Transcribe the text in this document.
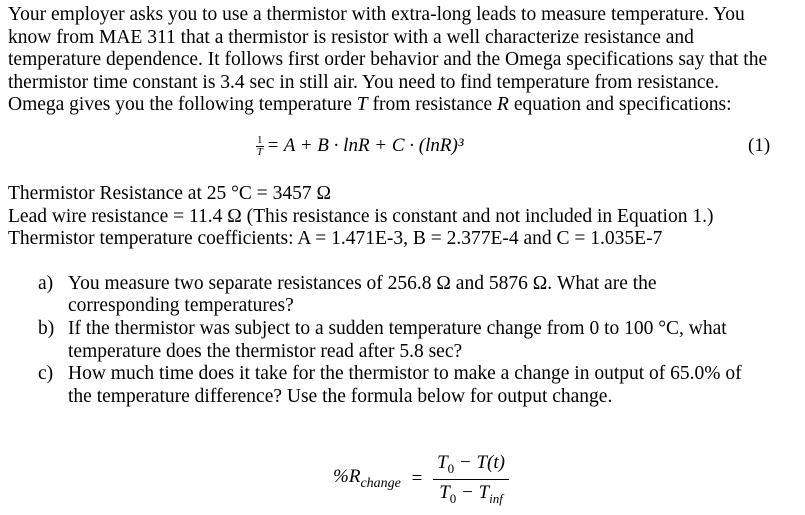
Your employer asks you to use a thermistor with extra-long leads to measure temperature. You
know from MAE 311 that a thermistor is resistor with a well characterize resistance and
temperature dependence. It follows first order behavior and the Omega specifications say that the
thermistor time constant is 3.4 sec in still air. You need to find temperature from resistance.
Omega gives you the following temperature T from resistance R equation and specifications:
$\frac{1}{T} = A + B \cdot \ln R + C \cdot (\ln R)^3$	(1)
Thermistor Resistance at 25 °C = 3457 Ω
Lead wire resistance = 11.4 Ω (This resistance is constant and not included in Equation 1.)
Thermistor temperature coefficients: A = 1.471E-3, B = 2.377E-4 and C = 1.035E-7
a) You measure two separate resistances of 256.8 Ω and 5876 Ω. What are the
corresponding temperatures?
b) If the thermistor was subject to a sudden temperature change from 0 to 100 °C, what
temperature does the thermistor read after 5.8 sec?
c) How much time does it take for the thermistor to make a change in output of 65.0% of
the temperature difference? Use the formula below for output change.
$\%R_{change}$ =
$T_0 - T(t)$
$T_0 - T_{inf}$
